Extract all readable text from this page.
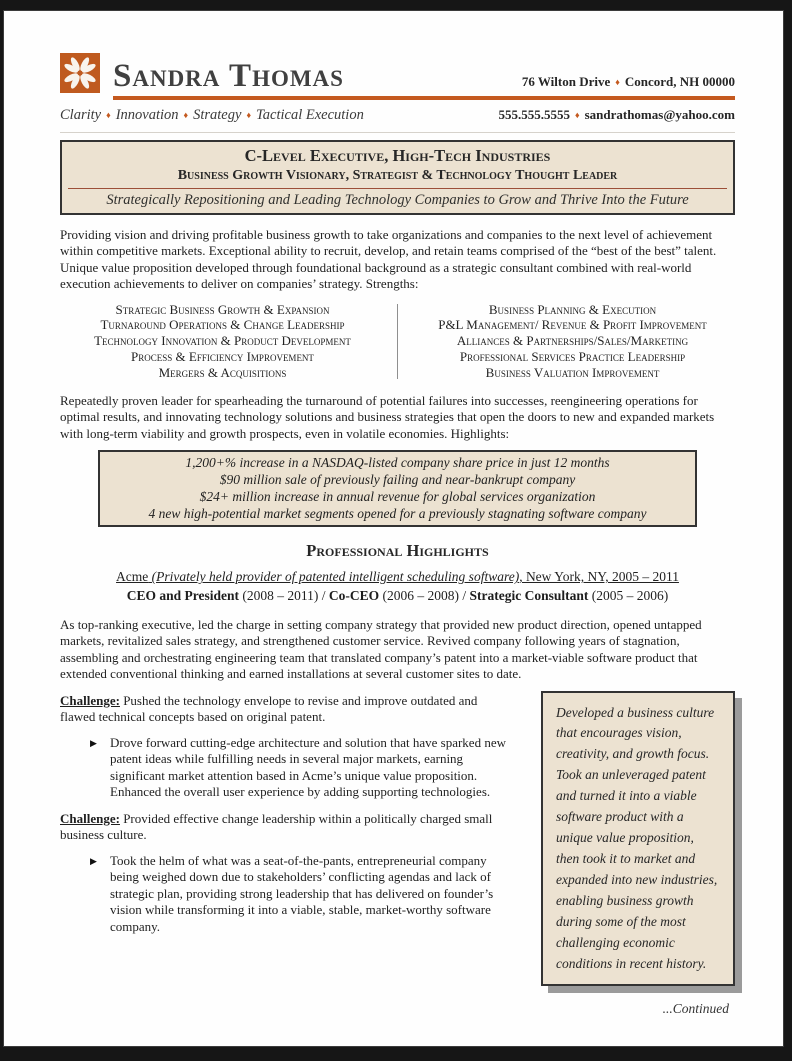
Sandra Thomas	76 Wilton Drive ♦ Concord, NH 00000
Clarity ♦ Innovation ♦ Strategy ♦ Tactical Execution	555.555.5555 ♦ sandrathomas@yahoo.com
C-Level Executive, High-Tech Industries
Business Growth Visionary, Strategist & Technology Thought Leader
Strategically Repositioning and Leading Technology Companies to Grow and Thrive Into the Future

Providing vision and driving profitable business growth to take organizations and companies to the next level of achievement within competitive markets. Exceptional ability to recruit, develop, and retain teams comprised of the “best of the best” talent. Unique value proposition developed through foundational background as a strategic consultant combined with real-world execution achievements to deliver on companies’ strategy. Strengths:

Strategic Business Growth & Expansion
Turnaround Operations & Change Leadership
Technology Innovation & Product Development
Process & Efficiency Improvement
Mergers & Acquisitions
Business Planning & Execution
P&L Management/ Revenue & Profit Improvement
Alliances & Partnerships/Sales/Marketing
Professional Services Practice Leadership
Business Valuation Improvement

Repeatedly proven leader for spearheading the turnaround of potential failures into successes, reengineering operations for optimal results, and innovating technology solutions and business strategies that open the doors to new and expanded markets with long-term viability and growth prospects, even in volatile economies. Highlights:

1,200+% increase in a NASDAQ-listed company share price in just 12 months
$90 million sale of previously failing and near-bankrupt company
$24+ million increase in annual revenue for global services organization
4 new high-potential market segments opened for a previously stagnating software company
Professional Highlights
Acme (Privately held provider of patented intelligent scheduling software), New York, NY, 2005 – 2011
CEO and President (2008 – 2011) / Co-CEO (2006 – 2008) / Strategic Consultant (2005 – 2006)

As top-ranking executive, led the charge in setting company strategy that provided new product direction, opened untapped markets, revitalized sales strategy, and strengthened customer service. Revived company following years of stagnation, assembling and orchestrating engineering team that translated company’s patent into a market-viable software product that extended conventional thinking and earned installations at several customer sites to date.

Challenge: Pushed the technology envelope to revise and improve outdated and flawed technical concepts based on original patent.
▶	Drove forward cutting-edge architecture and solution that have sparked new patent ideas while fulfilling needs in several major markets, earning significant market attention based in Acme’s unique value proposition. Enhanced the overall user experience by adding supporting technologies.
Challenge: Provided effective change leadership within a politically charged small business culture.
▶	Took the helm of what was a seat-of-the-pants, entrepreneurial company being weighed down due to stakeholders’ conflicting agendas and lack of strategic plan, providing strong leadership that has delivered on founder’s vision while transforming it into a viable, stable, market-worthy software company.
Developed a business culture that encourages vision, creativity, and growth focus. Took an unleveraged patent and turned it into a viable software product with a unique value proposition, then took it to market and expanded into new industries, enabling business growth during some of the most challenging economic conditions in recent history.
...Continued
